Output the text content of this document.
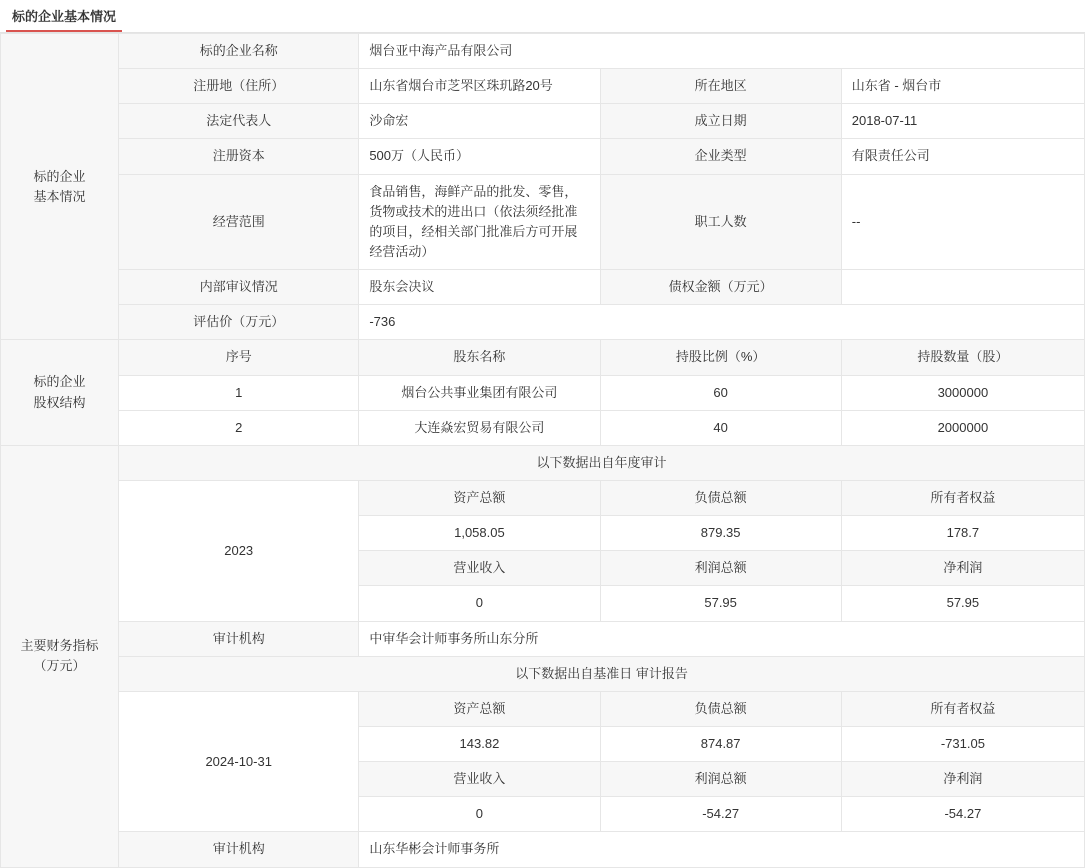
标的企业基本情况
标的企业
基本情况	标的企业名称	烟台亚中海产品有限公司		
	注册地（住所）	山东省烟台市芝罘区珠玑路20号	所在地区	山东省 - 烟台市
	法定代表人	沙命宏	成立日期	2018-07-11
	注册资本	500万（人民币）	企业类型	有限责任公司
	经营范围	食品销售，海鲜产品的批发、零售，货物或技术的进出口（依法须经批准的项目，经相关部门批准后方可开展经营活动）	职工人数	--
	内部审议情况	股东会决议	债权金额（万元）	
	评估价（万元）	-736		

标的企业
股权结构	序号	股东名称	持股比例（%）	持股数量（股）
	1	烟台公共事业集团有限公司	60	3000000
	2	大连焱宏贸易有限公司	40	2000000

主要财务指标
（万元）	以下数据出自年度审计			
	2023	资产总额	负债总额	所有者权益
		1,058.05	879.35	178.7
		营业收入	利润总额	净利润
		0	57.95	57.95
	审计机构	中审华会计师事务所山东分所		
	以下数据出自基准日 审计报告			
	2024-10-31	资产总额	负债总额	所有者权益
		143.82	874.87	-731.05
		营业收入	利润总额	净利润
		0	-54.27	-54.27
	审计机构	山东华彬会计师事务所		
